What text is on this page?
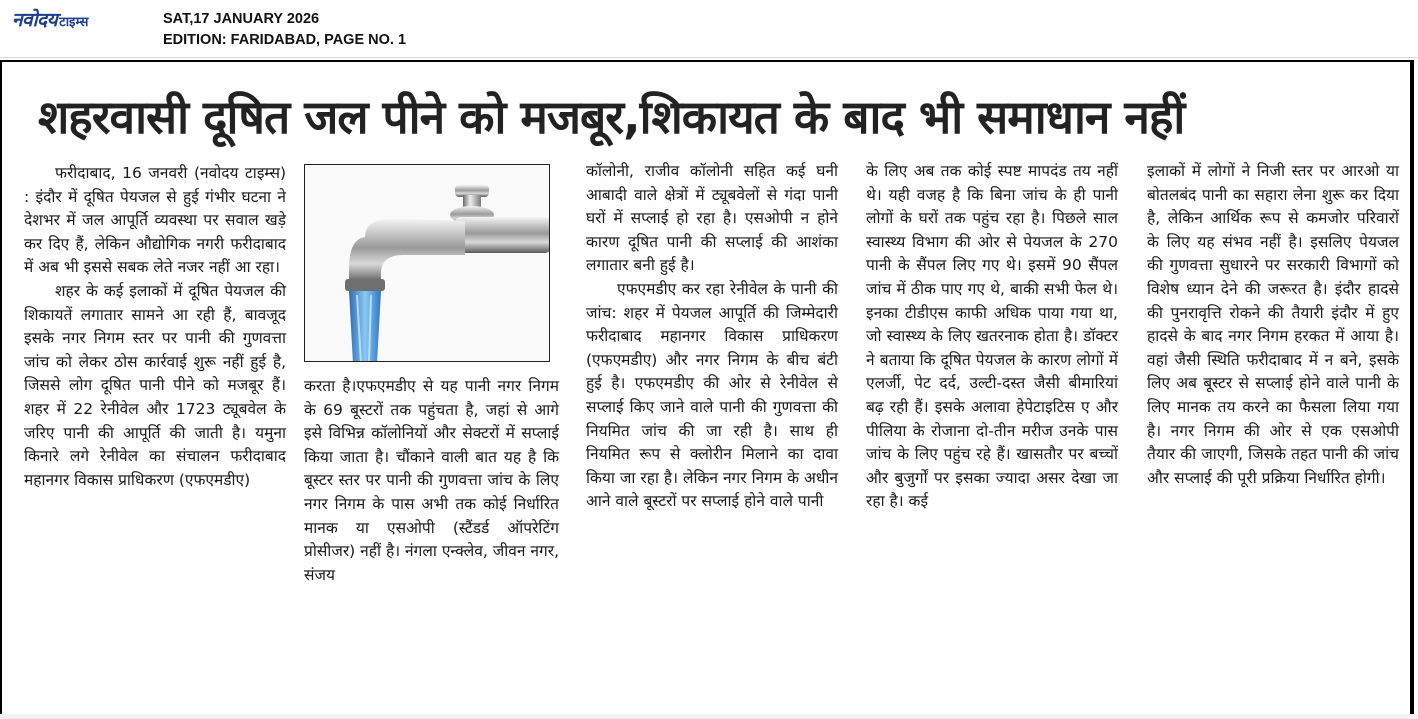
नवोदय टाइम्स	SAT,17 JANUARY 2026
EDITION: FARIDABAD, PAGE NO. 1
शहरवासी दूषित जल पीने को मजबूर,शिकायत के बाद भी समाधान नहीं

फरीदाबाद, 16 जनवरी (नवोदय टाइम्स) : इंदौर में दूषित पेयजल से हुई गंभीर घटना ने देशभर में जल आपूर्ति व्यवस्था पर सवाल खड़े कर दिए हैं, लेकिन औद्योगिक नगरी फरीदाबाद में अब भी इससे सबक लेते नजर नहीं आ रहा।

शहर के कई इलाकों में दूषित पेयजल की शिकायतें लगातार सामने आ रही हैं, बावजूद इसके नगर निगम स्तर पर पानी की गुणवत्ता जांच को लेकर ठोस कार्रवाई शुरू नहीं हुई है, जिससे लोग दूषित पानी पीने को मजबूर हैं। शहर में 22 रेनीवेल और 1723 ट्यूबवेल के जरिए पानी की आपूर्ति की जाती है। यमुना किनारे लगे रेनीवेल का संचालन फरीदाबाद महानगर विकास प्राधिकरण (एफएमडीए)

करता है।एफएमडीए से यह पानी नगर निगम के 69 बूस्टरों तक पहुंचता है, जहां से आगे इसे विभिन्न कॉलोनियों और सेक्टरों में सप्लाई किया जाता है। चौंकाने वाली बात यह है कि बूस्टर स्तर पर पानी की गुणवत्ता जांच के लिए नगर निगम के पास अभी तक कोई निर्धारित मानक या एसओपी (स्टैंडर्ड ऑपरेटिंग प्रोसीजर) नहीं है। नंगला एन्क्लेव, जीवन नगर, संजय

कॉलोनी, राजीव कॉलोनी सहित कई घनी आबादी वाले क्षेत्रों में ट्यूबवेलों से गंदा पानी घरों में सप्लाई हो रहा है। एसओपी न होने कारण दूषित पानी की सप्लाई की आशंका लगातार बनी हुई है।

एफएमडीए कर रहा रेनीवेल के पानी की जांच: शहर में पेयजल आपूर्ति की जिम्मेदारी फरीदाबाद महानगर विकास प्राधिकरण (एफएमडीए) और नगर निगम के बीच बंटी हुई है। एफएमडीए की ओर से रेनीवेल से सप्लाई किए जाने वाले पानी की गुणवत्ता की नियमित जांच की जा रही है। साथ ही नियमित रूप से क्लोरीन मिलाने का दावा किया जा रहा है। लेकिन नगर निगम के अधीन आने वाले बूस्टरों पर सप्लाई होने वाले पानी

के लिए अब तक कोई स्पष्ट मापदंड तय नहीं थे। यही वजह है कि बिना जांच के ही पानी लोगों के घरों तक पहुंच रहा है। पिछले साल स्वास्थ्य विभाग की ओर से पेयजल के 270 पानी के सैंपल लिए गए थे। इसमें 90 सैंपल जांच में ठीक पाए गए थे, बाकी सभी फेल थे। इनका टीडीएस काफी अधिक पाया गया था, जो स्वास्थ्य के लिए खतरनाक होता है। डॉक्टर ने बताया कि दूषित पेयजल के कारण लोगों में एलर्जी, पेट दर्द, उल्टी-दस्त जैसी बीमारियां बढ़ रही हैं। इसके अलावा हेपेटाइटिस ए और पीलिया के रोजाना दो-तीन मरीज उनके पास जांच के लिए पहुंच रहे हैं। खासतौर पर बच्चों और बुजुर्गों पर इसका ज्यादा असर देखा जा रहा है। कई

इलाकों में लोगों ने निजी स्तर पर आरओ या बोतलबंद पानी का सहारा लेना शुरू कर दिया है, लेकिन आर्थिक रूप से कमजोर परिवारों के लिए यह संभव नहीं है। इसलिए पेयजल की गुणवत्ता सुधारने पर सरकारी विभागों को विशेष ध्यान देने की जरूरत है। इंदौर हादसे की पुनरावृत्ति रोकने की तैयारी इंदौर में हुए हादसे के बाद नगर निगम हरकत में आया है। वहां जैसी स्थिति फरीदाबाद में न बने, इसके लिए अब बूस्टर से सप्लाई होने वाले पानी के लिए मानक तय करने का फैसला लिया गया है। नगर निगम की ओर से एक एसओपी तैयार की जाएगी, जिसके तहत पानी की जांच और सप्लाई की पूरी प्रक्रिया निर्धारित होगी।
